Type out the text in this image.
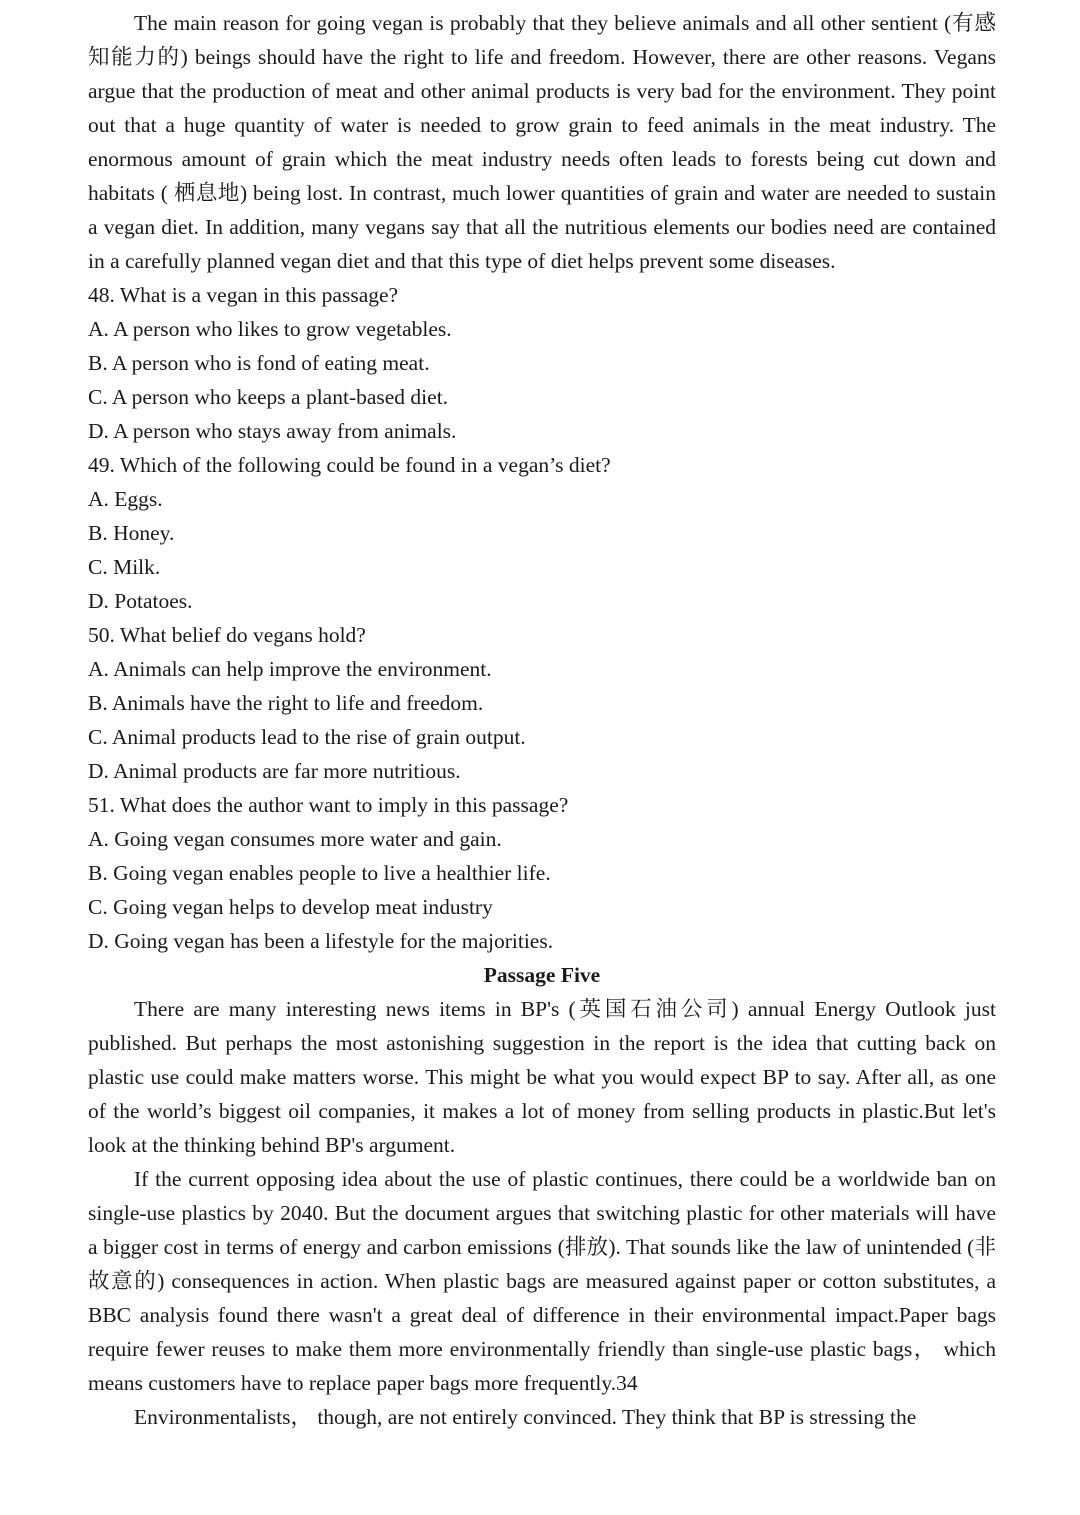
The main reason for going vegan is probably that they believe animals and all other sentient (有感知能力的) beings should have the right to life and freedom. However, there are other reasons. Vegans argue that the production of meat and other animal products is very bad for the environment. They point out that a huge quantity of water is needed to grow grain to feed animals in the meat industry. The enormous amount of grain which the meat industry needs often leads to forests being cut down and habitats ( 栖息地) being lost. In contrast, much lower quantities of grain and water are needed to sustain a vegan diet. In addition, many vegans say that all the nutritious elements our bodies need are contained in a carefully planned vegan diet and that this type of diet helps prevent some diseases.

48. What is a vegan in this passage?

A. A person who likes to grow vegetables.

B. A person who is fond of eating meat.

C. A person who keeps a plant-based diet.

D. A person who stays away from animals.

49. Which of the following could be found in a vegan’s diet?

A. Eggs.

B. Honey.

C. Milk.

D. Potatoes.

50. What belief do vegans hold?

A. Animals can help improve the environment.

B. Animals have the right to life and freedom.

C. Animal products lead to the rise of grain output.

D. Animal products are far more nutritious.

51. What does the author want to imply in this passage?

A. Going vegan consumes more water and gain.

B. Going vegan enables people to live a healthier life.

C. Going vegan helps to develop meat industry

D. Going vegan has been a lifestyle for the majorities.

Passage Five

There are many interesting news items in BP's (英国石油公司) annual Energy Outlook just published. But perhaps the most astonishing suggestion in the report is the idea that cutting back on plastic use could make matters worse. This might be what you would expect BP to say. After all, as one of the world’s biggest oil companies, it makes a lot of money from selling products in plastic.But let's look at the thinking behind BP's argument.

If the current opposing idea about the use of plastic continues, there could be a worldwide ban on single-use plastics by 2040. But the document argues that switching plastic for other materials will have a bigger cost in terms of energy and carbon emissions (排放). That sounds like the law of unintended (非故意的) consequences in action. When plastic bags are measured against paper or cotton substitutes, a BBC analysis found there wasn't a great deal of difference in their environmental impact.Paper bags require fewer reuses to make them more environmentally friendly than single-use plastic bags， which means customers have to replace paper bags more frequently.34

Environmentalists， though, are not entirely convinced. They think that BP is stressing the
